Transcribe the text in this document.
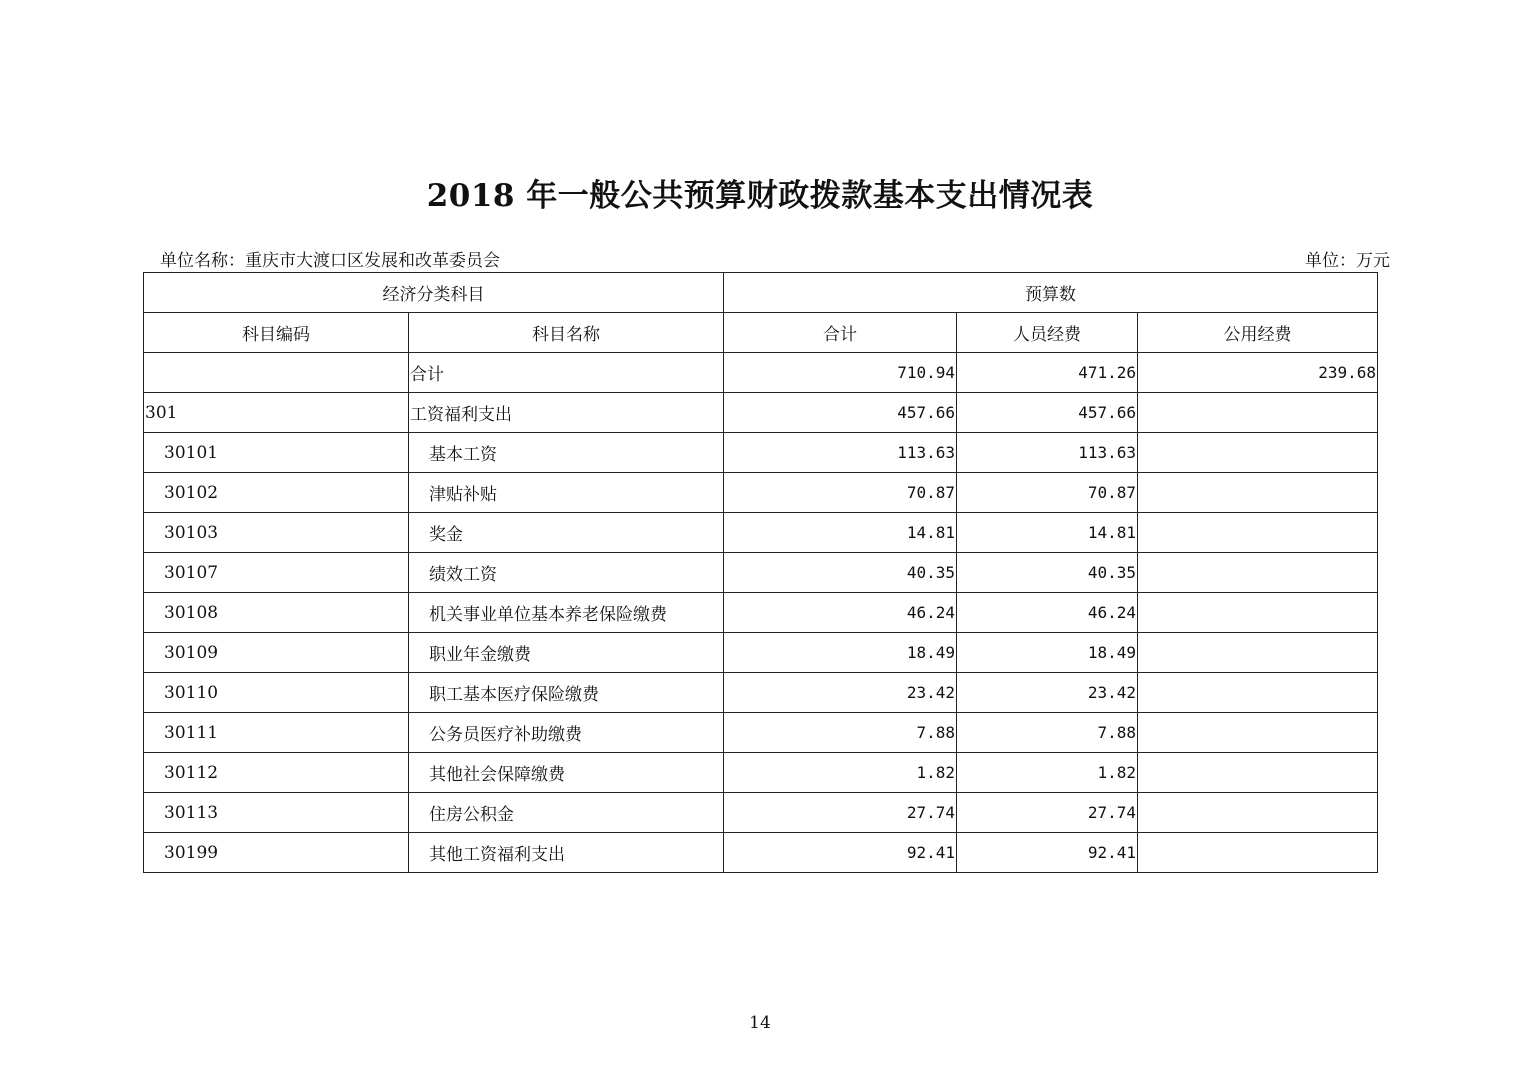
2018 年一般公共预算财政拨款基本支出情况表
单位名称：重庆市大渡口区发展和改革委员会	单位：万元
经济分类科目		预算数		
科目编码	科目名称	合计	人员经费	公用经费
	合计	710.94	471.26	239.68
301	工资福利支出	457.66	457.66	
30101	基本工资	113.63	113.63	
30102	津贴补贴	70.87	70.87	
30103	奖金	14.81	14.81	
30107	绩效工资	40.35	40.35	
30108	机关事业单位基本养老保险缴费	46.24	46.24	
30109	职业年金缴费	18.49	18.49	
30110	职工基本医疗保险缴费	23.42	23.42	
30111	公务员医疗补助缴费	7.88	7.88	
30112	其他社会保障缴费	1.82	1.82	
30113	住房公积金	27.74	27.74	
30199	其他工资福利支出	92.41	92.41	
14
